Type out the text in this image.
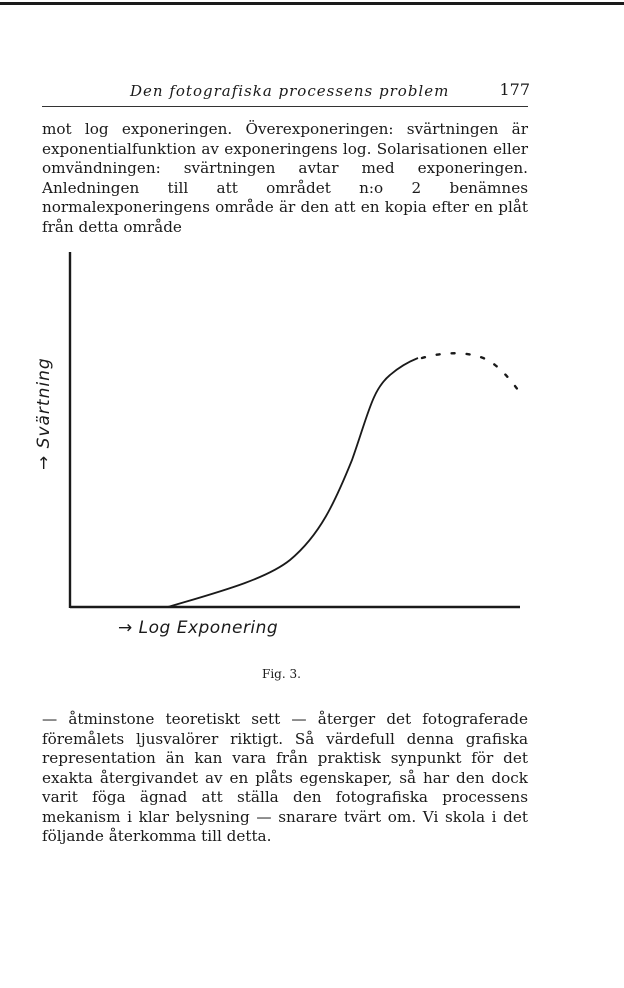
Den fotografiska processens problem	177

mot log exponeringen. Överexponeringen: svärtningen är exponentialfunktion av exponeringens log. Solarisationen eller omvändningen: svärtningen avtar med exponeringen. Anledningen till att området n:o 2 benämnes normalexponeringens område är den att en kopia efter en plåt från detta område

→ Svärtning
→ Log Exponering
Fig. 3.

— åtminstone teoretiskt sett — återger det fotograferade föremålets ljusvalörer riktigt. Så värdefull denna grafiska representation än kan vara från praktisk synpunkt för det exakta återgivandet av en plåts egenskaper, så har den dock varit föga ägnad att ställa den fotografiska processens mekanism i klar belysning — snarare tvärt om. Vi skola i det följande återkomma till detta.
